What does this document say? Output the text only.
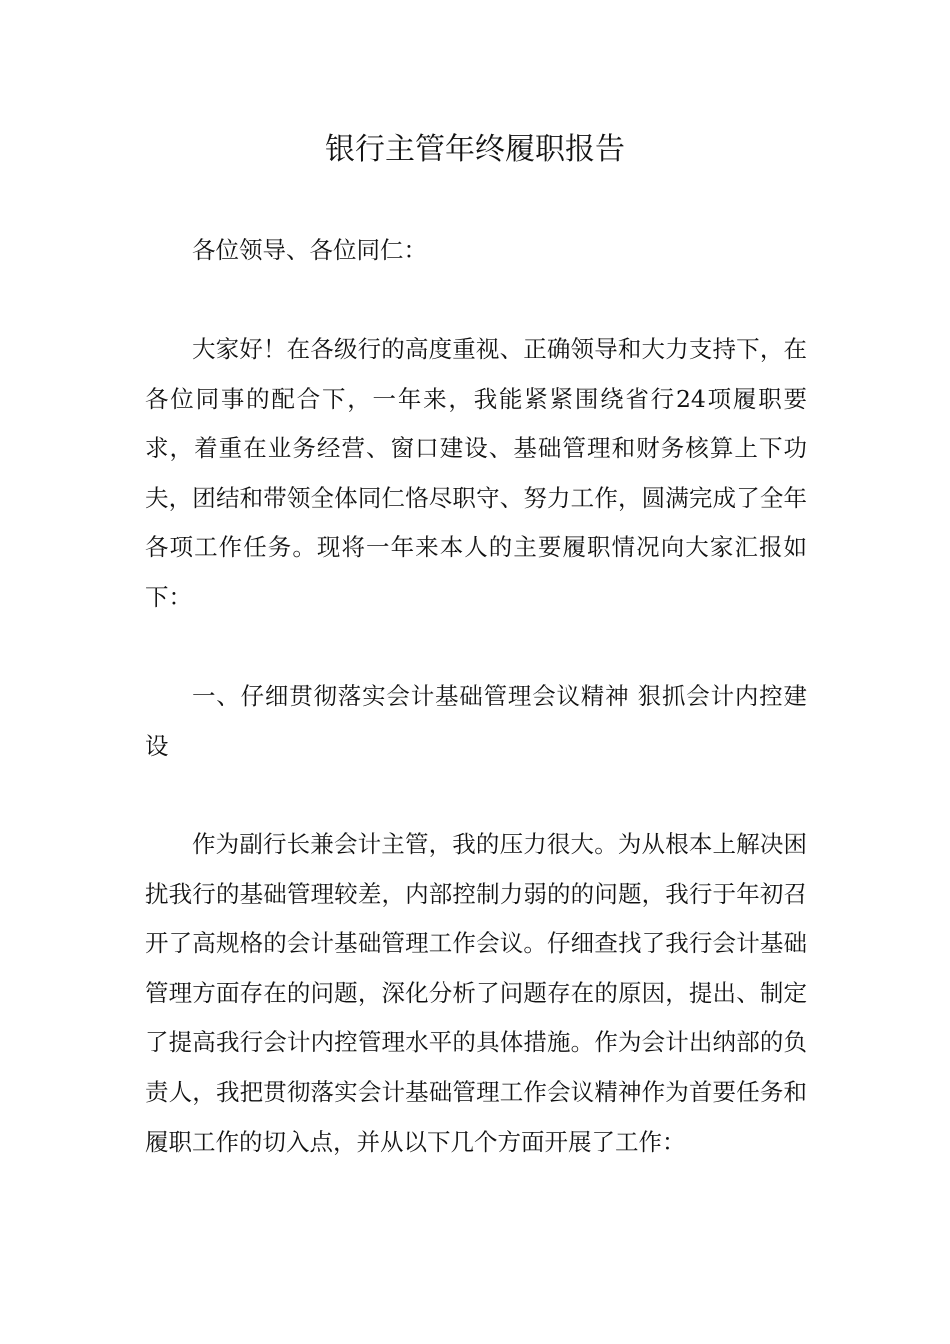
银行主管年终履职报告

各位领导、各位同仁：

大家好！在各级行的高度重视、正确领导和大力支持下，在各位同事的配合下，一年来，我能紧紧围绕省行24项履职要求，着重在业务经营、窗口建设、基础管理和财务核算上下功夫，团结和带领全体同仁恪尽职守、努力工作，圆满完成了全年各项工作任务。现将一年来本人的主要履职情况向大家汇报如下：

一、仔细贯彻落实会计基础管理会议精神 狠抓会计内控建设

作为副行长兼会计主管，我的压力很大。为从根本上解决困扰我行的基础管理较差，内部控制力弱的的问题，我行于年初召开了高规格的会计基础管理工作会议。仔细查找了我行会计基础管理方面存在的问题，深化分析了问题存在的原因，提出、制定了提高我行会计内控管理水平的具体措施。作为会计出纳部的负责人，我把贯彻落实会计基础管理工作会议精神作为首要任务和履职工作的切入点，并从以下几个方面开展了工作：
